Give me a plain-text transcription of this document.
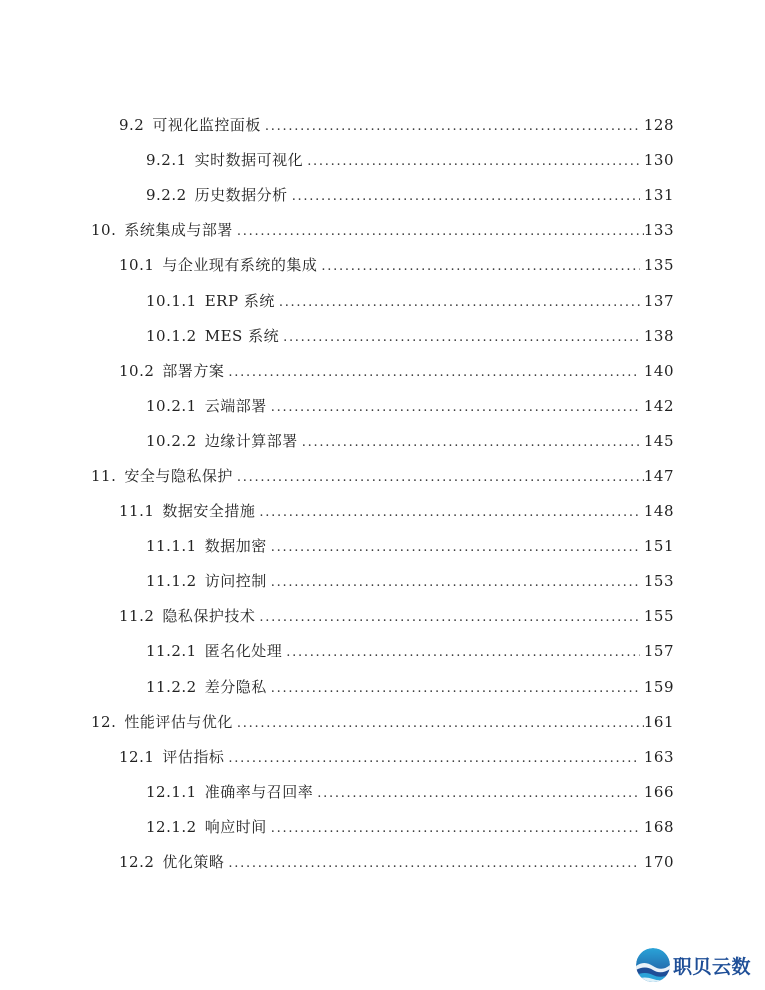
9.2 可视化监控面板 . . .	128
9.2.1 实时数据可视化 . . .	130
9.2.2 历史数据分析 . . .	131
10. 系统集成与部署 . . .	133
10.1 与企业现有系统的集成 . . .	135
10.1.1 ERP 系统 . . .	137
10.1.2 MES 系统 . . .	138
10.2 部署方案 . . .	140
10.2.1 云端部署 . . .	142
10.2.2 边缘计算部署 . . .	145
11. 安全与隐私保护 . . .	147
11.1 数据安全措施 . . .	148
11.1.1 数据加密 . . .	151
11.1.2 访问控制 . . .	153
11.2 隐私保护技术 . . .	155
11.2.1 匿名化处理 . . .	157
11.2.2 差分隐私 . . .	159
12. 性能评估与优化 . . .	161
12.1 评估指标 . . .	163
12.1.1 准确率与召回率 . . .	166
12.1.2 响应时间 . . .	168
12.2 优化策略 . . .	170
职贝云数
